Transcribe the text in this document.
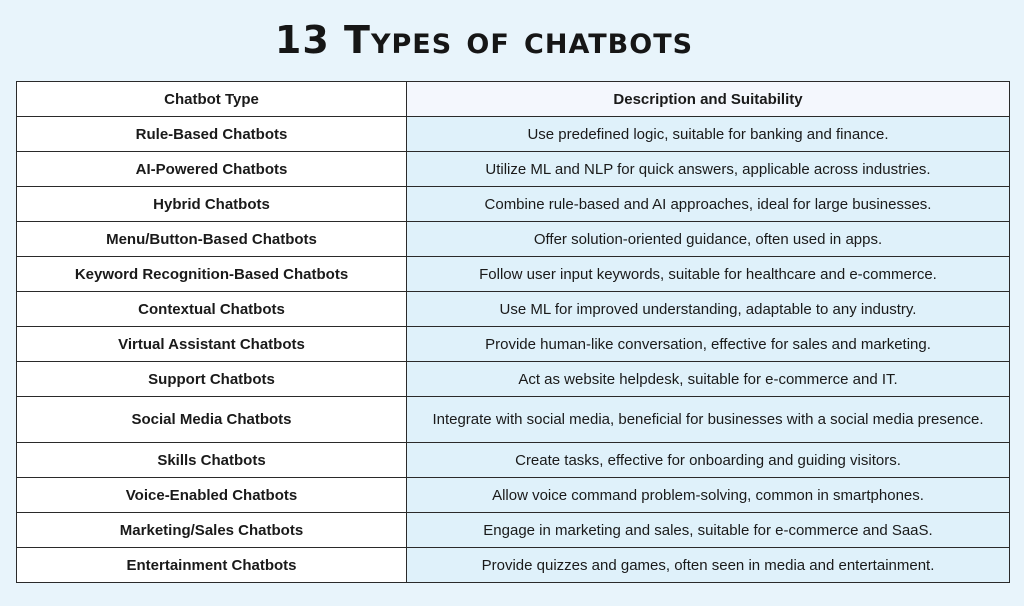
13 Types of chatbots
Chatbot Type	Description and Suitability
Rule-Based Chatbots	Use predefined logic, suitable for banking and finance.
AI-Powered Chatbots	Utilize ML and NLP for quick answers, applicable across industries.
Hybrid Chatbots	Combine rule-based and AI approaches, ideal for large businesses.
Menu/Button-Based Chatbots	Offer solution-oriented guidance, often used in apps.
Keyword Recognition-Based Chatbots	Follow user input keywords, suitable for healthcare and e-commerce.
Contextual Chatbots	Use ML for improved understanding, adaptable to any industry.
Virtual Assistant Chatbots	Provide human-like conversation, effective for sales and marketing.
Support Chatbots	Act as website helpdesk, suitable for e-commerce and IT.
Social Media Chatbots	Integrate with social media, beneficial for businesses with a social media presence.
Skills Chatbots	Create tasks, effective for onboarding and guiding visitors.
Voice-Enabled Chatbots	Allow voice command problem-solving, common in smartphones.
Marketing/Sales Chatbots	Engage in marketing and sales, suitable for e-commerce and SaaS.
Entertainment Chatbots	Provide quizzes and games, often seen in media and entertainment.
